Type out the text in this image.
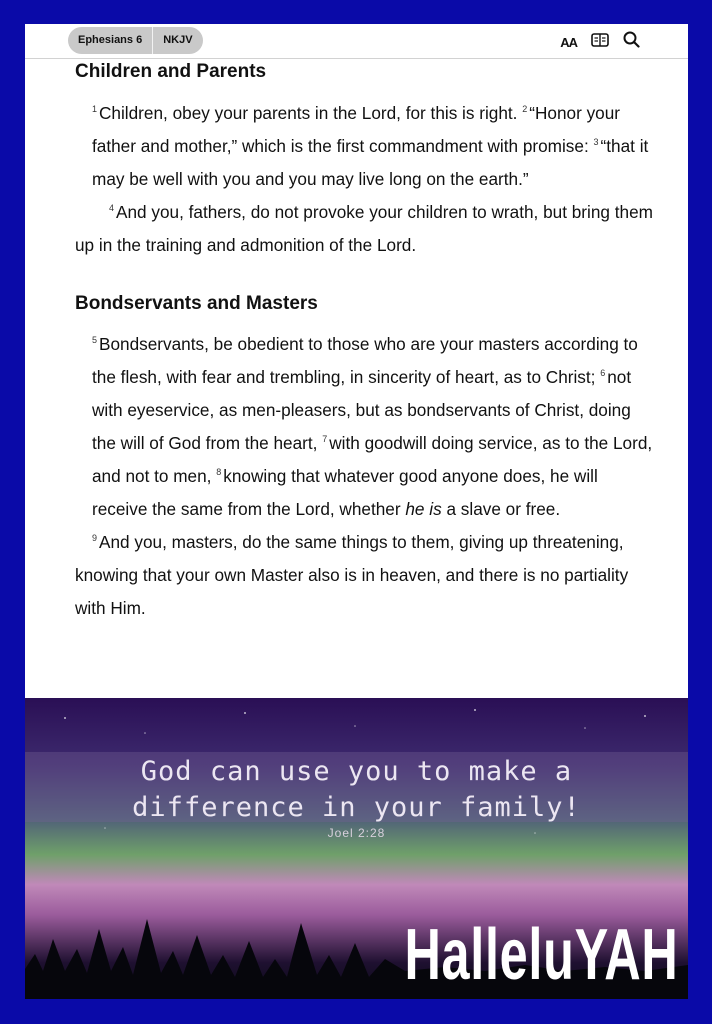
Ephesians 6	NKJV	AA

Children and Parents

$^1$ Children, obey your parents in the Lord, for this is right. $^2$ “Honor your father and mother,” which is the first commandment with promise: $^3$ “that it may be well with you and you may live long on the earth.”

$^4$ And you, fathers, do not provoke your children to wrath, but bring them up in the training and admonition of the Lord.

Bondservants and Masters

$^5$ Bondservants, be obedient to those who are your masters according to the flesh, with fear and trembling, in sincerity of heart, as to Christ; $^6$ not with eyeservice, as men-pleasers, but as bondservants of Christ, doing the will of God from the heart, $^7$ with goodwill doing service, as to the Lord, and not to men, $^8$ knowing that whatever good anyone does, he will receive the same from the Lord, whether he is a slave or free.

$^9$ And you, masters, do the same things to them, giving up threatening, knowing that your own Master also is in heaven, and there is no partiality with Him.

God can use you to make a
difference in your family!
Joel 2:28
HalleluYAH
